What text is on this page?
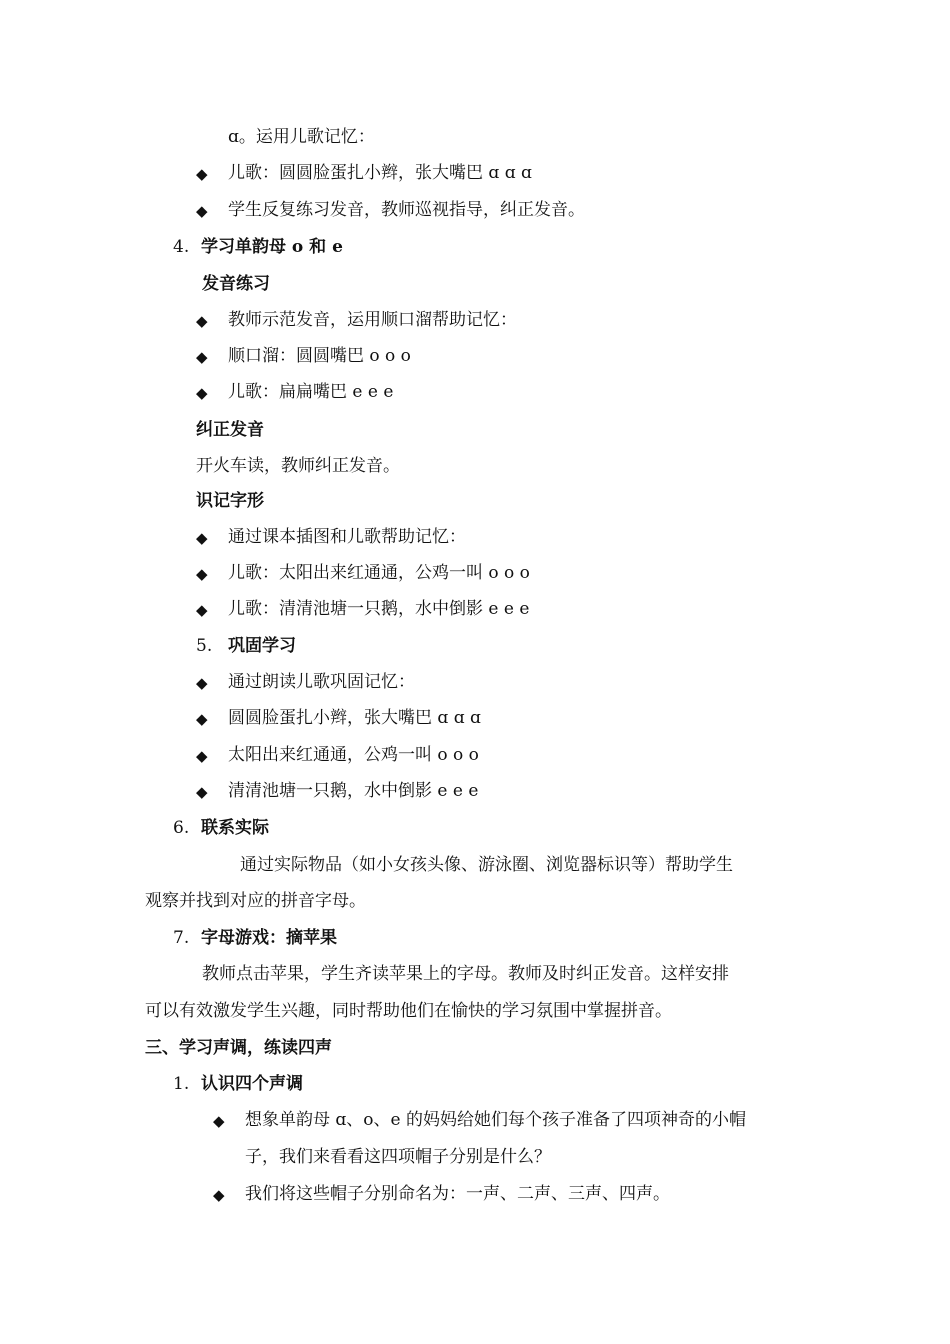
ɑ。运用儿歌记忆：
◆ 儿歌：圆圆脸蛋扎小辫，张大嘴巴 ɑ ɑ ɑ
◆ 学生反复练习发音，教师巡视指导，纠正发音。
4. 学习单韵母 o 和 e
发音练习
◆ 教师示范发音，运用顺口溜帮助记忆：
◆ 顺口溜：圆圆嘴巴 o o o
◆ 儿歌：扁扁嘴巴 e e e
纠正发音
开火车读，教师纠正发音。
识记字形
◆ 通过课本插图和儿歌帮助记忆：
◆ 儿歌：太阳出来红通通，公鸡一叫 o o o
◆ 儿歌：清清池塘一只鹅，水中倒影 e e e
5. 巩固学习
◆ 通过朗读儿歌巩固记忆：
◆ 圆圆脸蛋扎小辫，张大嘴巴 ɑ ɑ ɑ
◆ 太阳出来红通通，公鸡一叫 o o o
◆ 清清池塘一只鹅，水中倒影 e e e
6. 联系实际
通过实际物品（如小女孩头像、游泳圈、浏览器标识等）帮助学生
观察并找到对应的拼音字母。
7. 字母游戏：摘苹果
教师点击苹果，学生齐读苹果上的字母。教师及时纠正发音。这样安排
可以有效激发学生兴趣，同时帮助他们在愉快的学习氛围中掌握拼音。
三、学习声调，练读四声
1. 认识四个声调
◆ 想象单韵母 ɑ、o、e 的妈妈给她们每个孩子准备了四项神奇的小帽
子，我们来看看这四项帽子分别是什么？
◆ 我们将这些帽子分别命名为：一声、二声、三声、四声。
